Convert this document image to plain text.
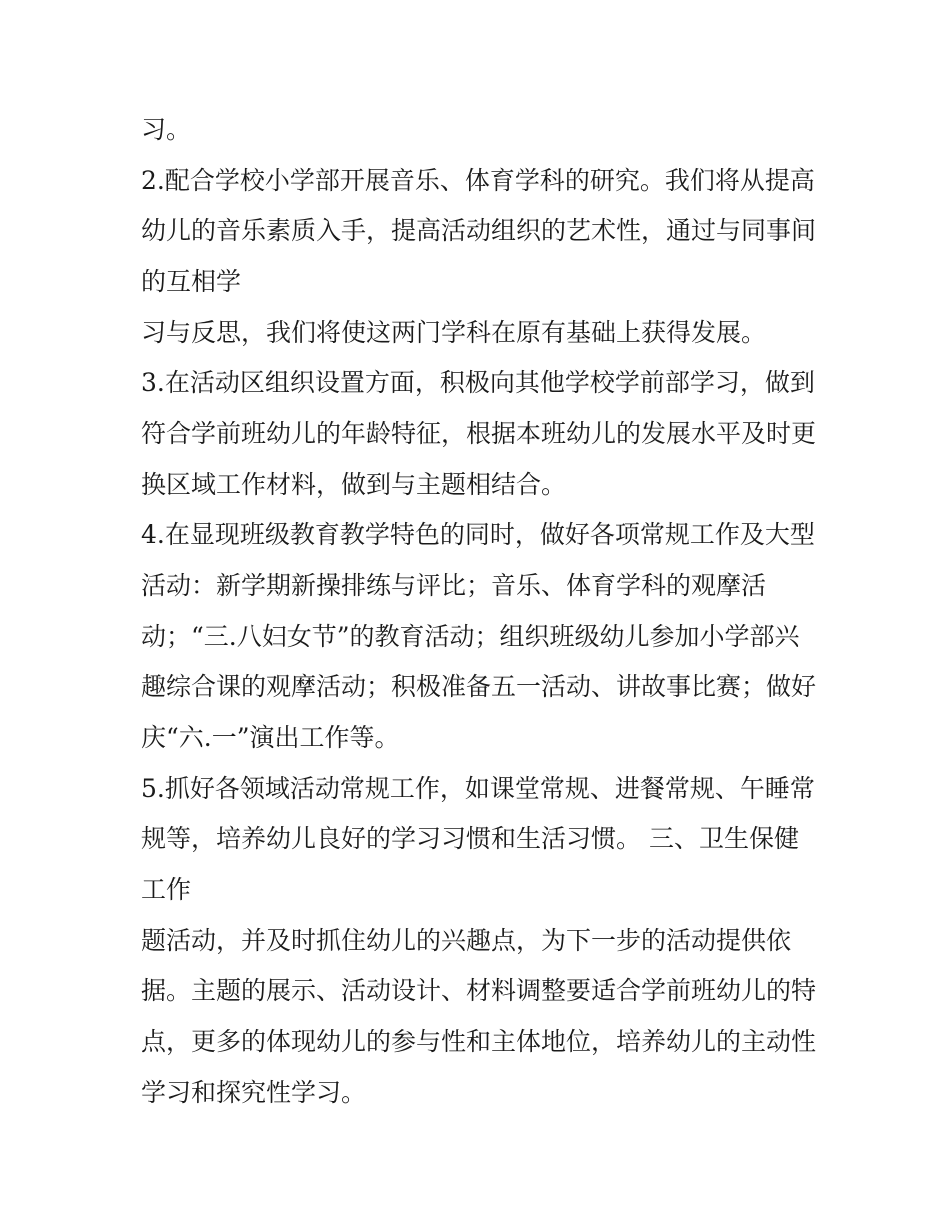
习。
2.配合学校小学部开展音乐、体育学科的研究。我们将从提高
幼儿的音乐素质入手，提高活动组织的艺术性，通过与同事间
的互相学
习与反思，我们将使这两门学科在原有基础上获得发展。
3.在活动区组织设置方面，积极向其他学校学前部学习，做到
符合学前班幼儿的年龄特征，根据本班幼儿的发展水平及时更
换区域工作材料，做到与主题相结合。
4.在显现班级教育教学特色的同时，做好各项常规工作及大型
活动：新学期新操排练与评比；音乐、体育学科的观摩活
动；“三.八妇女节”的教育活动；组织班级幼儿参加小学部兴
趣综合课的观摩活动；积极准备五一活动、讲故事比赛；做好
庆“六.一”演出工作等。
5.抓好各领域活动常规工作，如课堂常规、进餐常规、午睡常
规等，培养幼儿良好的学习习惯和生活习惯。 三、卫生保健
工作
题活动，并及时抓住幼儿的兴趣点，为下一步的活动提供依
据。主题的展示、活动设计、材料调整要适合学前班幼儿的特
点，更多的体现幼儿的参与性和主体地位，培养幼儿的主动性
学习和探究性学习。
